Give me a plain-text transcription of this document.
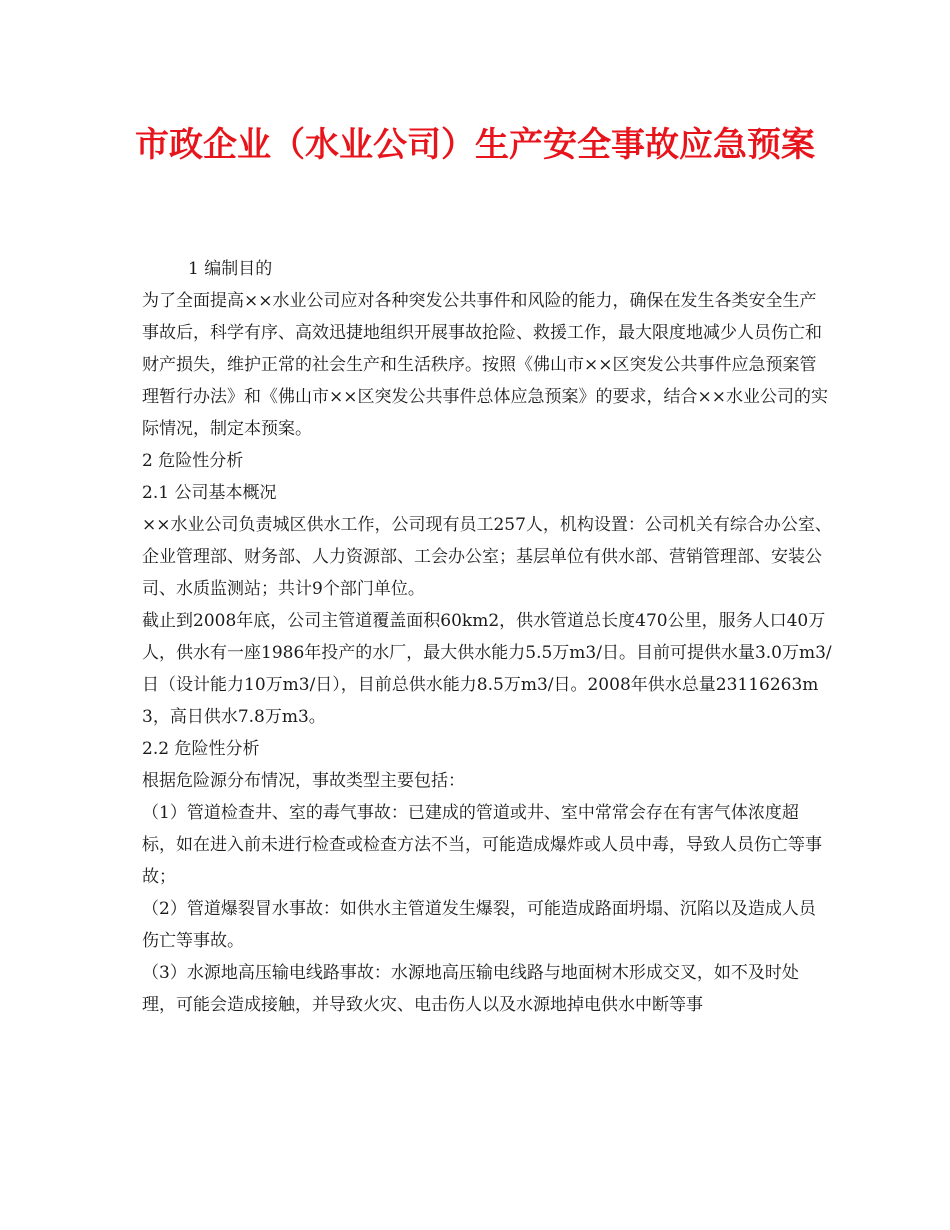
市政企业（水业公司）生产安全事故应急预案

1 编制目的

为了全面提高××水业公司应对各种突发公共事件和风险的能力，确保在发生各类安全生产事故后，科学有序、高效迅捷地组织开展事故抢险、救援工作，最大限度地减少人员伤亡和财产损失，维护正常的社会生产和生活秩序。按照《佛山市××区突发公共事件应急预案管理暂行办法》和《佛山市××区突发公共事件总体应急预案》的要求，结合××水业公司的实际情况，制定本预案。

2 危险性分析

2.1 公司基本概况

××水业公司负责城区供水工作，公司现有员工257人，机构设置：公司机关有综合办公室、企业管理部、财务部、人力资源部、工会办公室；基层单位有供水部、营销管理部、安装公司、水质监测站；共计9个部门单位。

截止到2008年底，公司主管道覆盖面积60km2，供水管道总长度470公里，服务人口40万人，供水有一座1986年投产的水厂，最大供水能力5.5万m3/日。目前可提供水量3.0万m3/日（设计能力10万m3/日），目前总供水能力8.5万m3/日。2008年供水总量23116263m3，高日供水7.8万m3。

2.2 危险性分析

根据危险源分布情况，事故类型主要包括：

（1）管道检查井、室的毒气事故：已建成的管道或井、室中常常会存在有害气体浓度超标，如在进入前未进行检查或检查方法不当，可能造成爆炸或人员中毒，导致人员伤亡等事故；

（2）管道爆裂冒水事故：如供水主管道发生爆裂，可能造成路面坍塌、沉陷以及造成人员伤亡等事故。

（3）水源地高压输电线路事故：水源地高压输电线路与地面树木形成交叉，如不及时处理，可能会造成接触，并导致火灾、电击伤人以及水源地掉电供水中断等事
